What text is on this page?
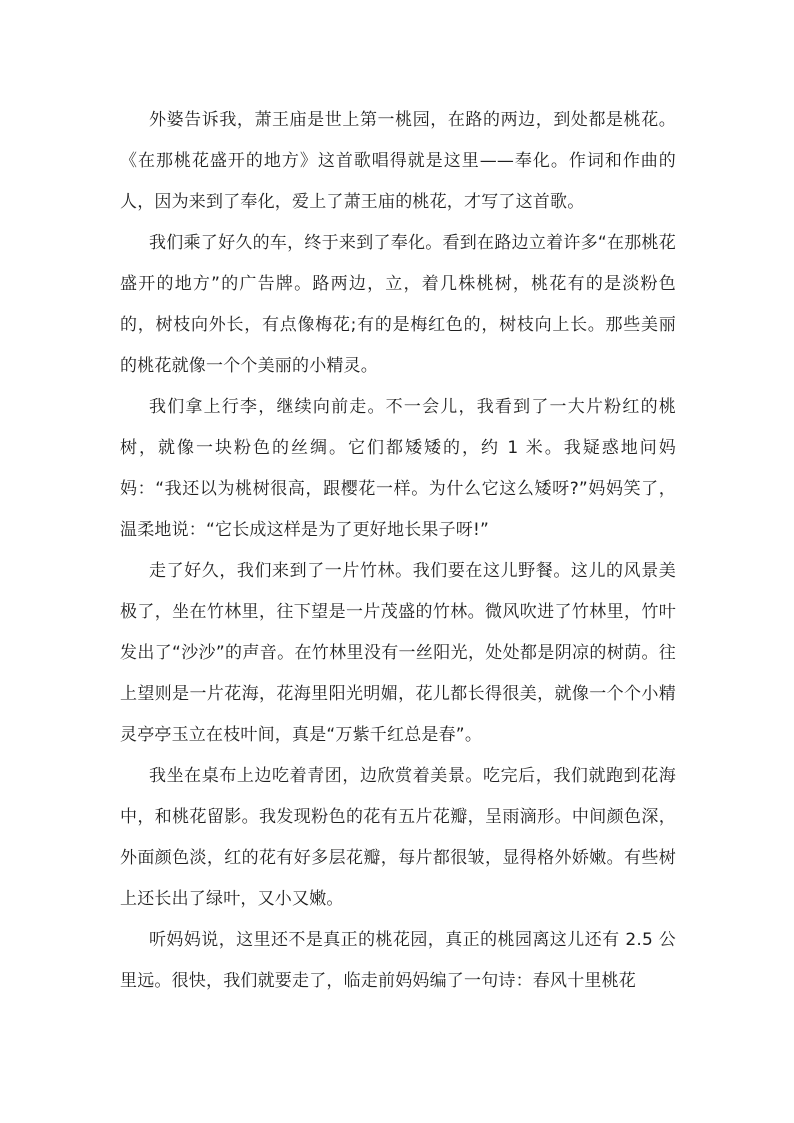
外婆告诉我，萧王庙是世上第一桃园，在路的两边，到处都是桃花。《在那桃花盛开的地方》这首歌唱得就是这里——奉化。作词和作曲的人，因为来到了奉化，爱上了萧王庙的桃花，才写了这首歌。

我们乘了好久的车，终于来到了奉化。看到在路边立着许多“在那桃花盛开的地方”的广告牌。路两边，立，着几株桃树，桃花有的是淡粉色的，树枝向外长，有点像梅花;有的是梅红色的，树枝向上长。那些美丽的桃花就像一个个美丽的小精灵。

我们拿上行李，继续向前走。不一会儿，我看到了一大片粉红的桃树，就像一块粉色的丝绸。它们都矮矮的，约 1 米。我疑惑地问妈妈：“我还以为桃树很高，跟樱花一样。为什么它这么矮呀?”妈妈笑了，温柔地说：“它长成这样是为了更好地长果子呀!”

走了好久，我们来到了一片竹林。我们要在这儿野餐。这儿的风景美极了，坐在竹林里，往下望是一片茂盛的竹林。微风吹进了竹林里，竹叶发出了“沙沙”的声音。在竹林里没有一丝阳光，处处都是阴凉的树荫。往上望则是一片花海，花海里阳光明媚，花儿都长得很美，就像一个个小精灵亭亭玉立在枝叶间，真是“万紫千红总是春”。

我坐在桌布上边吃着青团，边欣赏着美景。吃完后，我们就跑到花海中，和桃花留影。我发现粉色的花有五片花瓣，呈雨滴形。中间颜色深，外面颜色淡，红的花有好多层花瓣，每片都很皱，显得格外娇嫩。有些树上还长出了绿叶，又小又嫩。

听妈妈说，这里还不是真正的桃花园，真正的桃园离这儿还有 2.5 公里远。很快，我们就要走了，临走前妈妈编了一句诗：春风十里桃花
